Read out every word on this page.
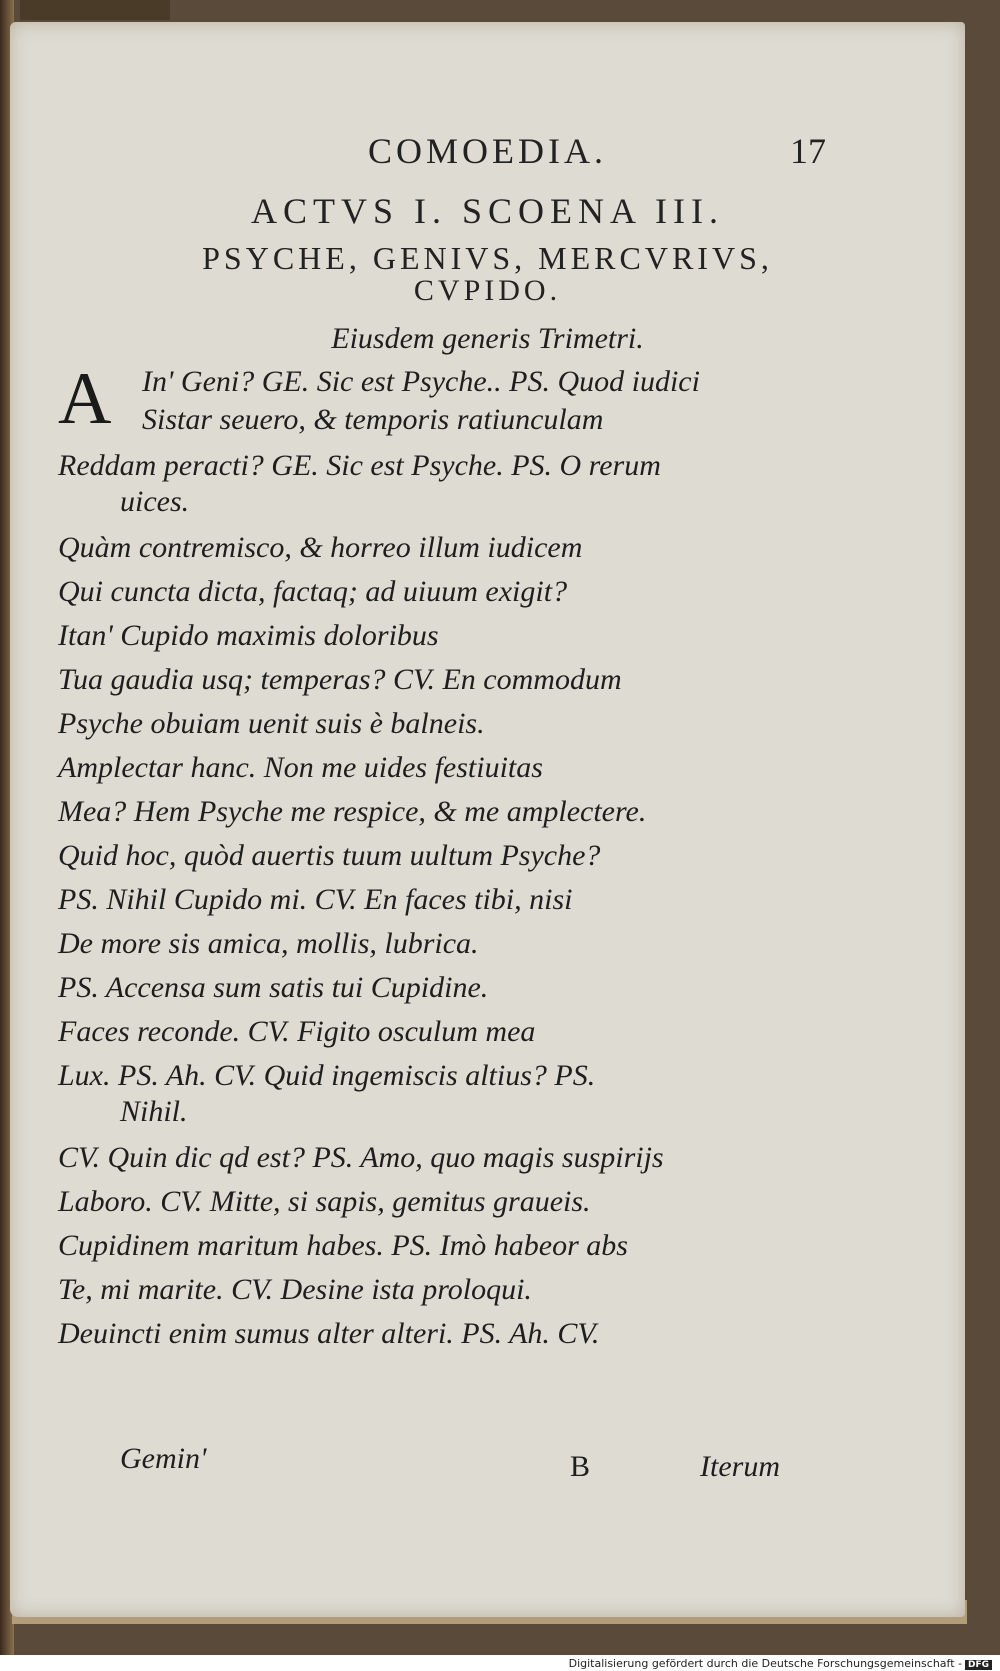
COMOEDIA.	17
ACTVS I. SCOENA III.
PSYCHE, GENIVS, MERCVRIVS,
CVPIDO.
Eiusdem generis Trimetri.
A In' Geni? GE. Sic est Psyche.. PS. Quod iudici
Sistar seuero, & temporis ratiunculam
Reddam peracti? GE. Sic est Psyche. PS. O rerum
uices.
Quàm contremisco, & horreo illum iudicem
Qui cuncta dicta, factaq; ad uiuum exigit?
Itan' Cupido maximis doloribus
Tua gaudia usq; temperas? CV. En commodum
Psyche obuiam uenit suis è balneis.
Amplectar hanc. Non me uides festiuitas
Mea? Hem Psyche me respice, & me amplectere.
Quid hoc, quòd auertis tuum uultum Psyche?
PS. Nihil Cupido mi. CV. En faces tibi, nisi
De more sis amica, mollis, lubrica.
PS. Accensa sum satis tui Cupidine.
Faces reconde. CV. Figito osculum mea
Lux. PS. Ah. CV. Quid ingemiscis altius? PS.
Nihil.
CV. Quin dic qd est? PS. Amo, quo magis suspirijs
Laboro. CV. Mitte, si sapis, gemitus graueis.
Cupidinem maritum habes. PS. Imò habeor abs
Te, mi marite. CV. Desine ista proloqui.
Deuincti enim sumus alter alteri. PS. Ah. CV.
Gemin'	B	Iterum
Digitalisierung gefördert durch die Deutsche Forschungsgemeinschaft - DFG
